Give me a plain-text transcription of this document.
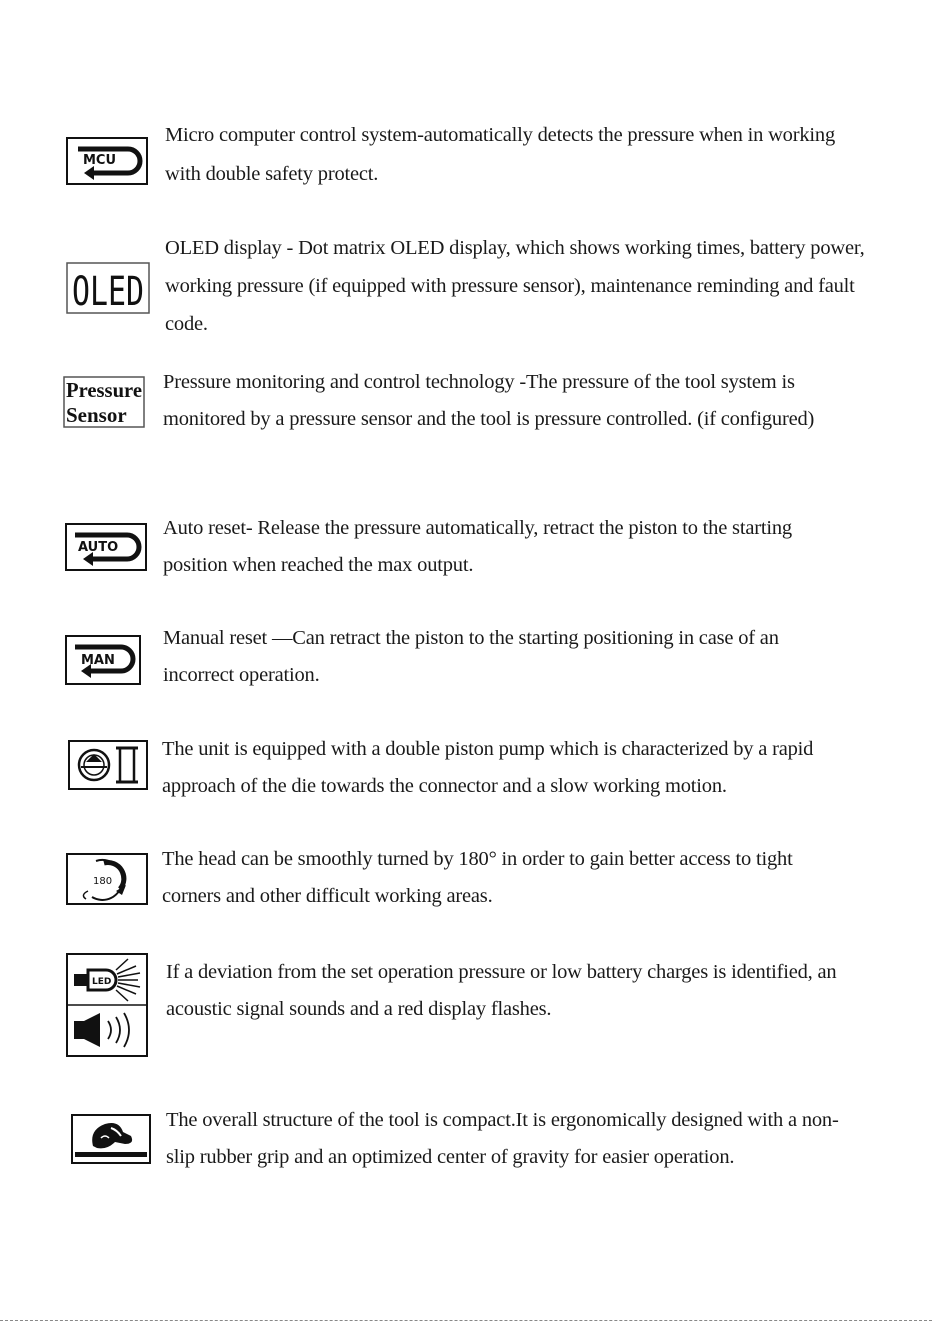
MCU

Micro computer control system-automatically detects the pressure when in working with double safety protect.

OLED

OLED display - Dot matrix OLED display, which shows working times, battery power, working pressure (if equipped with pressure sensor), maintenance reminding and fault code.

Pressure
Sensor

Pressure monitoring and control technology -The pressure of the tool system is monitored by a pressure sensor and the tool is pressure controlled. (if configured)

AUTO

Auto reset- Release the pressure automatically, retract the piston to the starting position when reached the max output.

MAN

Manual reset —Can retract the piston to the starting positioning in case of an incorrect operation.

The unit is equipped with a double piston pump which is characterized by a rapid approach of the die towards the connector and a slow working motion.

180

The head can be smoothly turned by 180° in order to gain better access to tight corners and other difficult working areas.

LED	If a deviation from the set operation pressure or low battery charges is identified, an acoustic signal sounds and a red display flashes.

The overall structure of the tool is compact.It is ergonomically designed with a non-slip rubber grip and an optimized center of gravity for easier operation.
